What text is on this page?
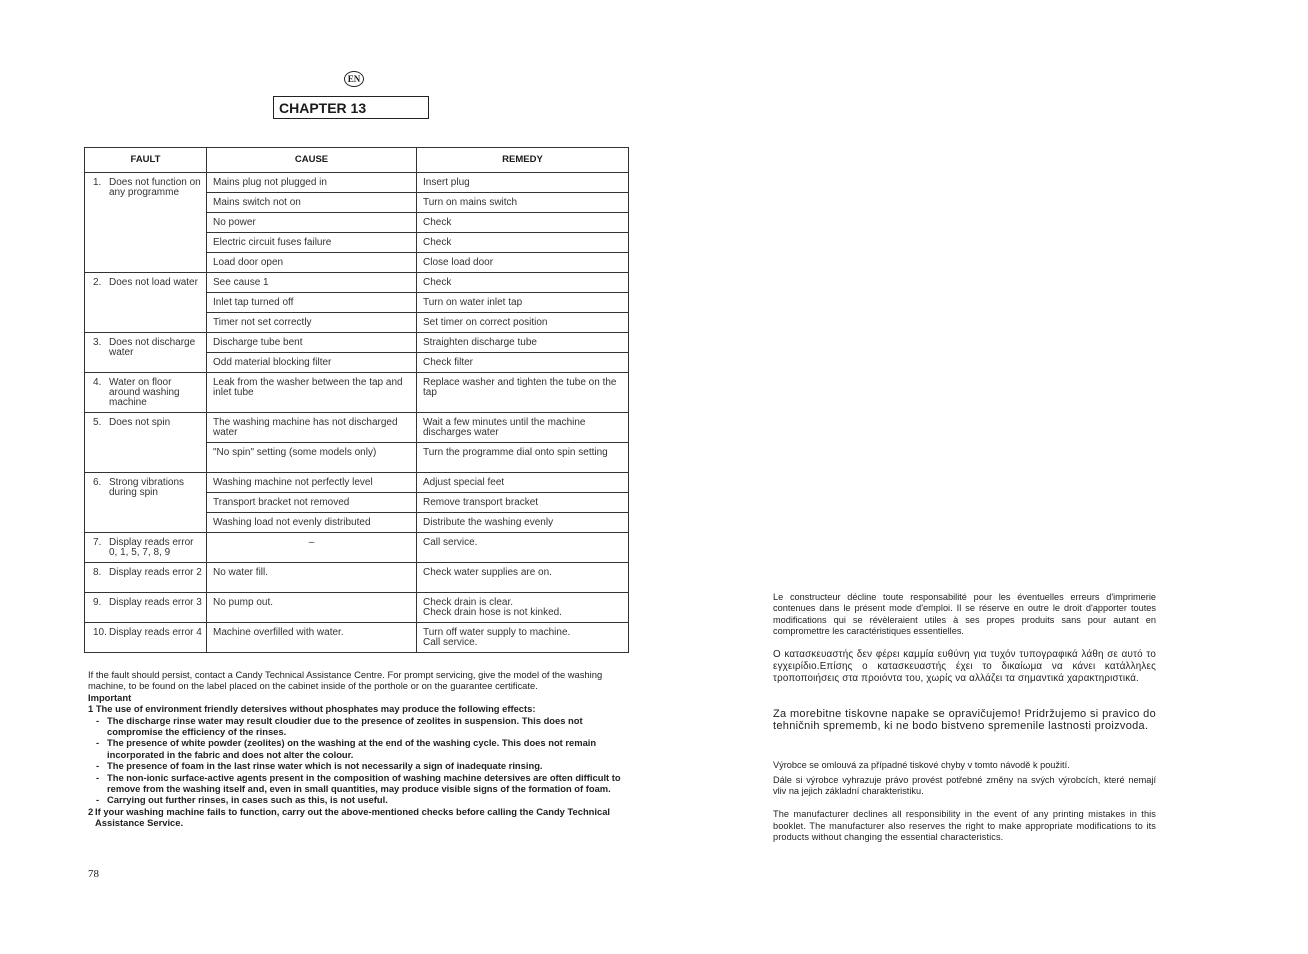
EN
CHAPTER 13
FAULT	CAUSE	REMEDY

1. Does not function on any programme	Mains plug not plugged in	Insert plug
	Mains switch not on	Turn on mains switch
	No power	Check
	Electric circuit fuses failure	Check
	Load door open	Close load door

2. Does not load water	See cause 1	Check
	Inlet tap turned off	Turn on water inlet tap
	Timer not set correctly	Set timer on correct position

3. Does not discharge water	Discharge tube bent	Straighten discharge tube
	Odd material blocking filter	Check filter

4. Water on floor around washing machine	Leak from the washer between the tap and inlet tube	Replace washer and tighten the tube on the tap

5. Does not spin	The washing machine has not discharged water	Wait a few minutes until the machine discharges water
	"No spin" setting (some models only)	Turn the programme dial onto spin setting

6. Strong vibrations during spin	Washing machine not perfectly level	Adjust special feet
	Transport bracket not removed	Remove transport bracket
	Washing load not evenly distributed	Distribute the washing evenly

7. Display reads error 0, 1, 5, 7, 8, 9	–	Call service.

8. Display reads error 2	No water fill.	Check water supplies are on.

9. Display reads error 3	No pump out.	Check drain is clear.
Check drain hose is not kinked.

10. Display reads error 4	Machine overfilled with water.	Turn off water supply to machine.
Call service.

If the fault should persist, contact a Candy Technical Assistance Centre. For prompt servicing, give the model of the washing machine, to be found on the label placed on the cabinet inside of the porthole or on the guarantee certificate.

Important

1 The use of environment friendly detersives without phosphates may produce the following effects:

- The discharge rinse water may result cloudier due to the presence of zeolites in suspension. This does not compromise the efficiency of the rinses.
- The presence of white powder (zeolites) on the washing at the end of the washing cycle. This does not remain incorporated in the fabric and does not alter the colour.
- The presence of foam in the last rinse water which is not necessarily a sign of inadequate rinsing.
- The non-ionic surface-active agents present in the composition of washing machine detersives are often difficult to remove from the washing itself and, even in small quantities, may produce visible signs of the formation of foam.
- Carrying out further rinses, in cases such as this, is not useful.
2 If your washing machine fails to function, carry out the above-mentioned checks before calling the Candy Technical Assistance Service.
78
Le constructeur décline toute responsabilité pour les éventuelles erreurs d'imprimerie contenues dans le présent mode d'emploi. Il se réserve en outre le droit d'apporter toutes modifications qui se révèleraient utiles à ses propes produits sans pour autant en compromettre les caractéristiques essentielles.
Ο κατασκευαστής δεν φέρει καμμία ευθύνη για τυχόν τυπογραφικά λάθη σε αυτό το εγχειρίδιο.Επίσης ο κατασκευαστής έχει το δικαίωμα να κάνει κατάλληλες τροποποιήσεις στα προιόντα του, χωρίς να αλλάζει τα σημαντικά χαρακτηριστικά.
Za morebitne tiskovne napake se opravičujemo! Pridržujemo si pravico do tehničnih sprememb, ki ne bodo bistveno spremenile lastnosti proizvoda.
Výrobce se omlouvá za případné tiskové chyby v tomto návodě k použití.
Dále si výrobce vyhrazuje právo provést potřebné změny na svých výrobcích, které nemají vliv na jejich základní charakteristiku.
The manufacturer declines all responsibility in the event of any printing mistakes in this booklet. The manufacturer also reserves the right to make appropriate modifications to its products without changing the essential characteristics.
